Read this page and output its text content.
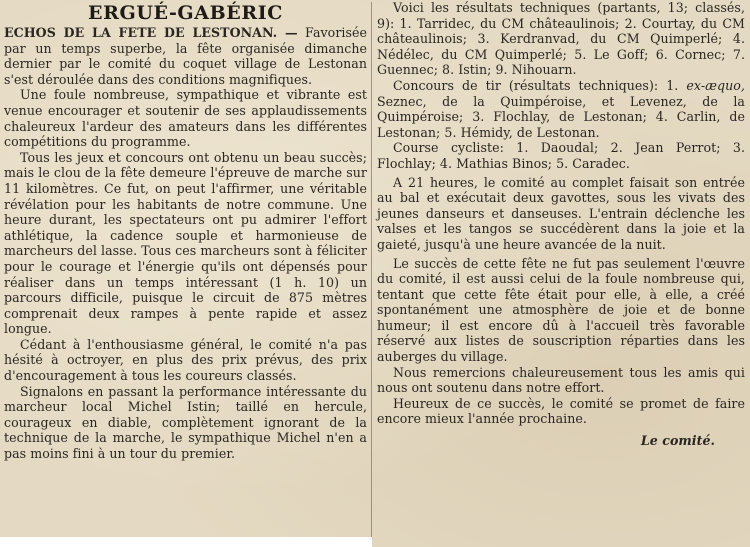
ERGUÉ-GABÉRIC

ECHOS DE LA FETE DE LESTONAN. — Favorisée par un temps superbe, la fête organisée dimanche dernier par le comité du coquet village de Lestonan s'est déroulée dans des conditions magnifiques.

Une foule nombreuse, sympathique et vibrante est venue encourager et soutenir de ses applaudissements chaleureux l'ardeur des amateurs dans les différentes compétitions du programme.

Tous les jeux et concours ont obtenu un beau succès; mais le clou de la fête demeure l'épreuve de marche sur 11 kilomètres. Ce fut, on peut l'affirmer, une véritable révélation pour les habitants de notre commune. Une heure durant, les spectateurs ont pu admirer l'effort athlétique, la cadence souple et harmonieuse de marcheurs del lasse. Tous ces marcheurs sont à féliciter pour le courage et l'énergie qu'ils ont dépensés pour réaliser dans un temps intéressant (1 h. 10) un parcours difficile, puisque le circuit de 875 mètres comprenait deux rampes à pente rapide et assez longue.

Cédant à l'enthousiasme général, le comité n'a pas hésité à octroyer, en plus des prix prévus, des prix d'encouragement à tous les coureurs classés.

Signalons en passant la performance intéressante du marcheur local Michel Istin; taillé en hercule, courageux en diable, complètement ignorant de la technique de la marche, le sympathique Michel n'en a pas moins fini à un tour du premier.

Voici les résultats techniques (partants, 13; classés, 9): 1. Tarridec, du CM châteaulinois; 2. Courtay, du CM châteaulinois; 3. Kerdranvad, du CM Quimperlé; 4. Nédélec, du CM Quimperlé; 5. Le Goff; 6. Cornec; 7. Guennec; 8. Istin; 9. Nihouarn.

Concours de tir (résultats techniques): 1. ex-æquo, Seznec, de la Quimpéroise, et Levenez, de la Quimpéroise; 3. Flochlay, de Lestonan; 4. Carlin, de Lestonan; 5. Hémidy, de Lestonan.

Course cycliste: 1. Daoudal; 2. Jean Perrot; 3. Flochlay; 4. Mathias Binos; 5. Caradec.

A 21 heures, le comité au complet faisait son entrée au bal et exécutait deux gavottes, sous les vivats des jeunes danseurs et danseuses. L'entrain déclenche les valses et les tangos se succédèrent dans la joie et la gaieté, jusqu'à une heure avancée de la nuit.

Le succès de cette fête ne fut pas seulement l'œuvre du comité, il est aussi celui de la foule nombreuse qui, tentant que cette fête était pour elle, à elle, a créé spontanément une atmosphère de joie et de bonne humeur; il est encore dû à l'accueil très favorable réservé aux listes de souscription réparties dans les auberges du village.

Nous remercions chaleureusement tous les amis qui nous ont soutenu dans notre effort.

Heureux de ce succès, le comité se promet de faire encore mieux l'année prochaine.

Le comité.
